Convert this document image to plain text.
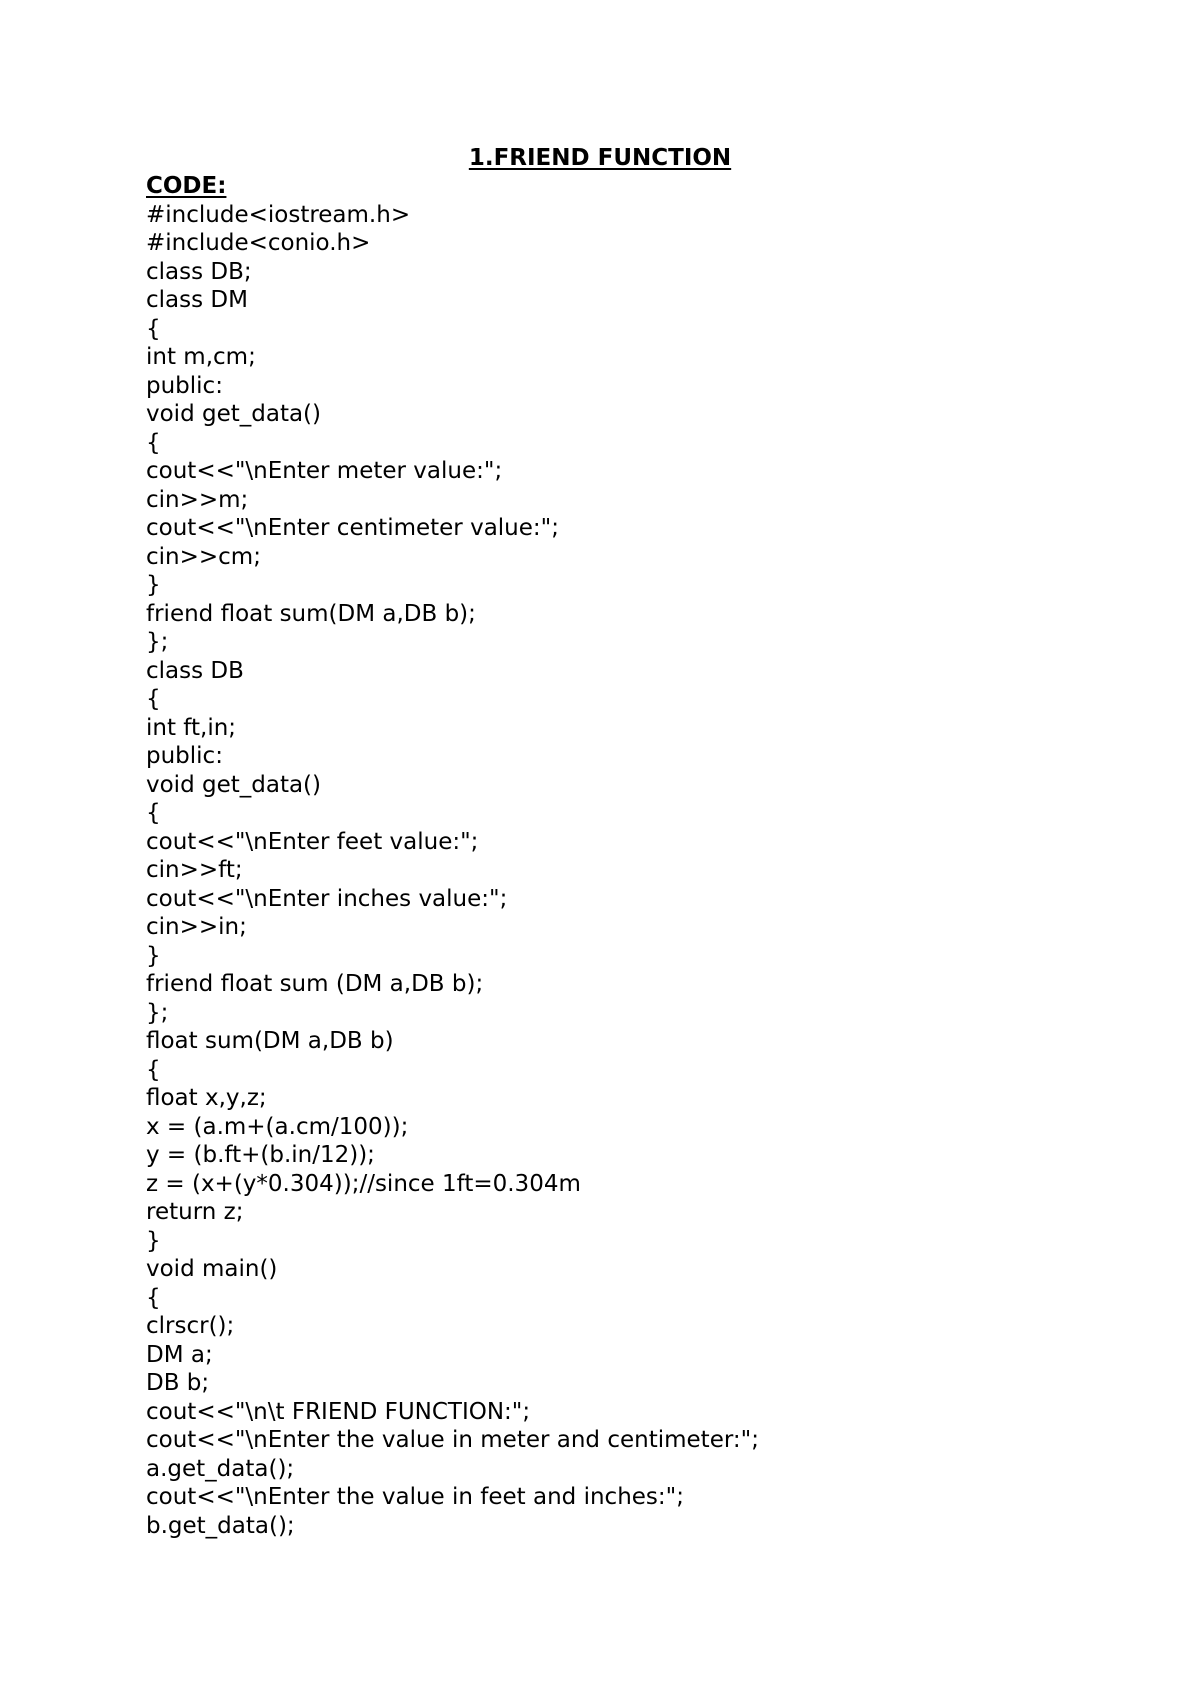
1.FRIEND FUNCTION
CODE:
#include<iostream.h>
#include<conio.h>
class DB;
class DM
{
int m,cm;
public:
void get_data()
{
cout<<"\nEnter meter value:";
cin>>m;
cout<<"\nEnter centimeter value:";
cin>>cm;
}
friend float sum(DM a,DB b);
};
class DB
{
int ft,in;
public:
void get_data()
{
cout<<"\nEnter feet value:";
cin>>ft;
cout<<"\nEnter inches value:";
cin>>in;
}
friend float sum (DM a,DB b);
};
float sum(DM a,DB b)
{
float x,y,z;
x = (a.m+(a.cm/100));
y = (b.ft+(b.in/12));
z = (x+(y*0.304));//since 1ft=0.304m
return z;
}
void main()
{
clrscr();
DM a;
DB b;
cout<<"\n\t FRIEND FUNCTION:";
cout<<"\nEnter the value in meter and centimeter:";
a.get_data();
cout<<"\nEnter the value in feet and inches:";
b.get_data();
